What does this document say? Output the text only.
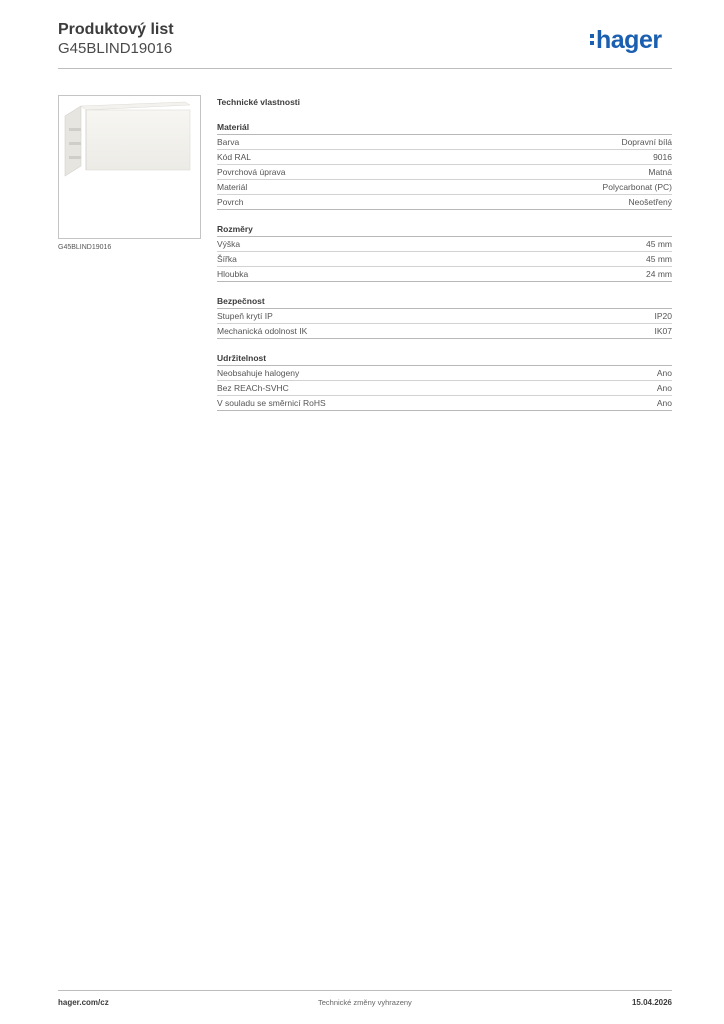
Produktový list
G45BLIND19016	hager
G45BLIND19016
Technické vlastnosti
Materiál
Barva	Dopravní bílá
Kód RAL	9016
Povrchová úprava	Matná
Materiál	Polycarbonat (PC)
Povrch	Neošetřený
Rozměry
Výška	45 mm
Šířka	45 mm
Hloubka	24 mm
Bezpečnost
Stupeň krytí IP	IP20
Mechanická odolnost IK	IK07
Udržitelnost
Neobsahuje halogeny	Ano
Bez REACh-SVHC	Ano
V souladu se směrnicí RoHS	Ano
hager.com/cz	Technické změny vyhrazeny	15.04.2026
